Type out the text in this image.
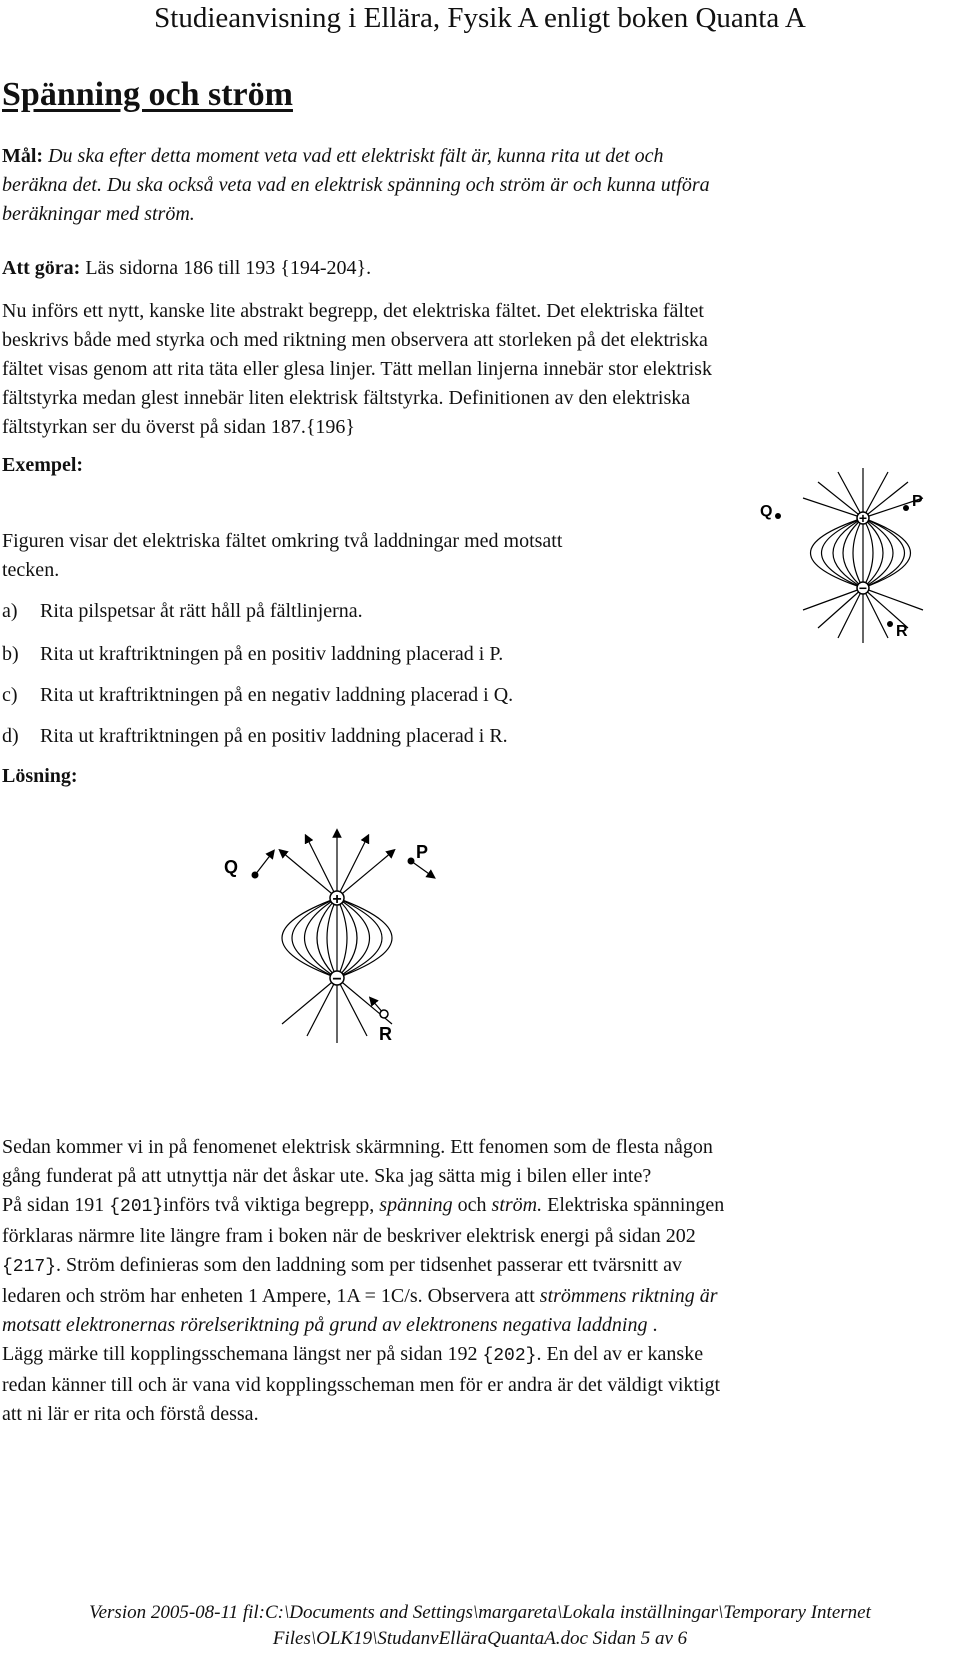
Studieanvisning i Ellära, Fysik A enligt boken Quanta A
Spänning och ström
Mål: Du ska efter detta moment veta vad ett elektriskt fält är, kunna rita ut det och
beräkna det. Du ska också veta vad en elektrisk spänning och ström är och kunna utföra
beräkningar med ström.
Att göra: Läs sidorna 186 till 193 {194-204}.
Nu införs ett nytt, kanske lite abstrakt begrepp, det elektriska fältet. Det elektriska fältet
beskrivs både med styrka och med riktning men observera att storleken på det elektriska
fältet visas genom att rita täta eller glesa linjer. Tätt mellan linjerna innebär stor elektrisk
fältstyrka medan glest innebär liten elektrisk fältstyrka. Definitionen av den elektriska
fältstyrkan ser du överst på sidan 187.{196}
Exempel:
Figuren visar det elektriska fältet omkring två laddningar med motsatt
tecken.
a) Rita pilspetsar åt rätt håll på fältlinjerna.
b) Rita ut kraftriktningen på en positiv laddning placerad i P.
c) Rita ut kraftriktningen på en negativ laddning placerad i Q.
d) Rita ut kraftriktningen på en positiv laddning placerad i R.
+
−
Q
P
R
Lösning:
+
−
Q
P
R
Sedan kommer vi in på fenomenet elektrisk skärmning. Ett fenomen som de flesta någon
gång funderat på att utnyttja när det åskar ute. Ska jag sätta mig i bilen eller inte?
På sidan 191 {201}införs två viktiga begrepp, spänning och ström. Elektriska spänningen
förklaras närmre lite längre fram i boken när de beskriver elektrisk energi på sidan 202
{217}. Ström definieras som den laddning som per tidsenhet passerar ett tvärsnitt av
ledaren och ström har enheten 1 Ampere, 1A = 1C/s. Observera att strömmens riktning är
motsatt elektronernas rörelseriktning på grund av elektronens negativa laddning .
Lägg märke till kopplingsschemana längst ner på sidan 192 {202}. En del av er kanske
redan känner till och är vana vid kopplingsscheman men för er andra är det väldigt viktigt
att ni lär er rita och förstå dessa.
Version 2005-08-11 fil:C:\Documents and Settings\margareta\Lokala inställningar\Temporary Internet
Files\OLK19\StudanvElläraQuantaA.doc Sidan 5 av 6
